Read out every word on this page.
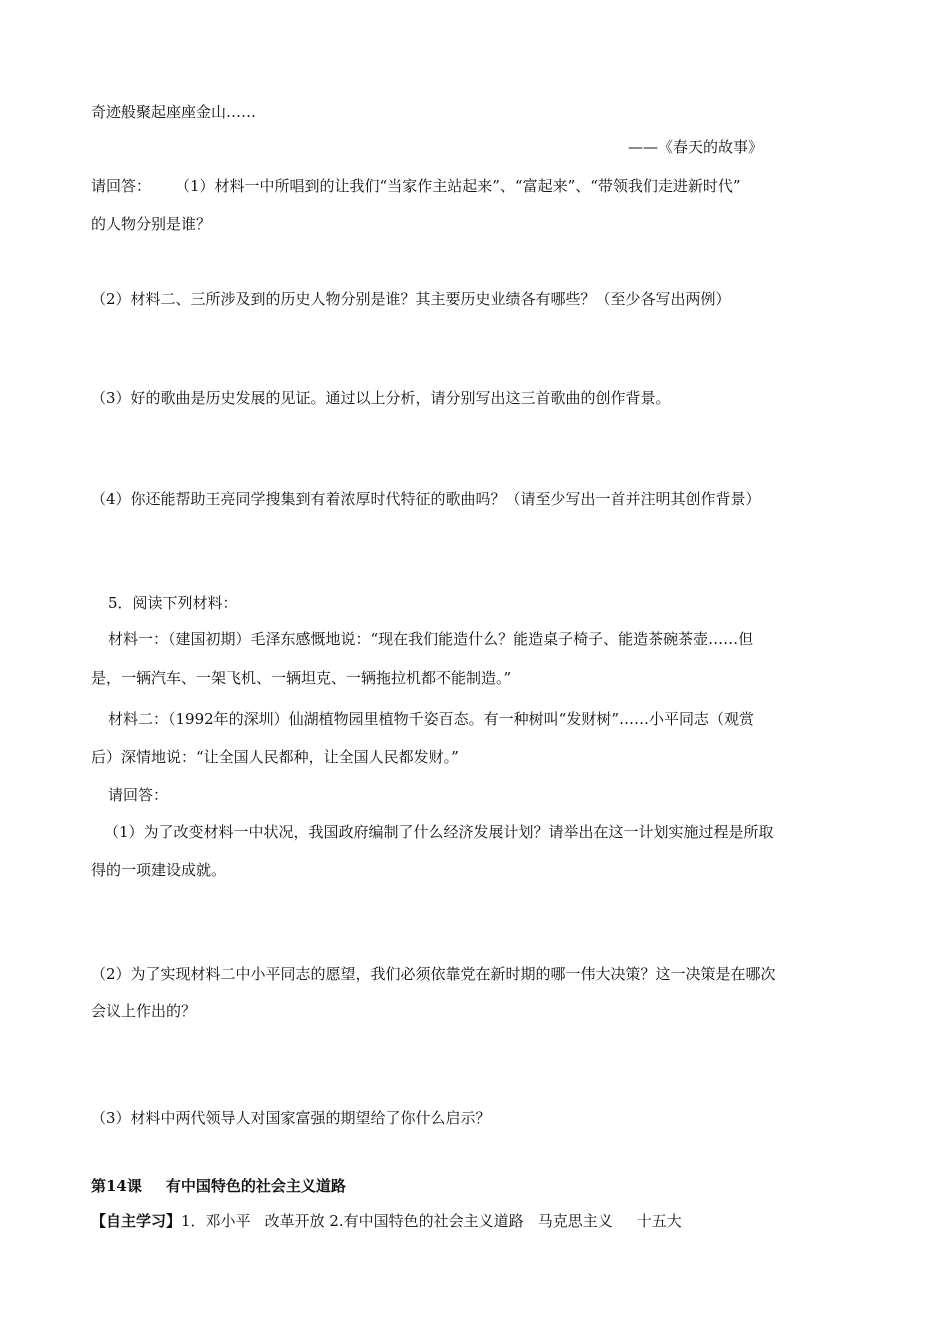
奇迹般聚起座座金山……
——《春天的故事》
请回答： （1）材料一中所唱到的让我们“当家作主站起来”、“富起来”、“带领我们走进新时代”
的人物分别是谁？
（2）材料二、三所涉及到的历史人物分别是谁？其主要历史业绩各有哪些？（至少各写出两例）
（3）好的歌曲是历史发展的见证。通过以上分析，请分别写出这三首歌曲的创作背景。
（4）你还能帮助王亮同学搜集到有着浓厚时代特征的歌曲吗？（请至少写出一首并注明其创作背景）
5．阅读下列材料：
材料一：（建国初期）毛泽东感慨地说：“现在我们能造什么？能造桌子椅子、能造茶碗茶壶……但
是，一辆汽车、一架飞机、一辆坦克、一辆拖拉机都不能制造。”
材料二：（1992年的深圳）仙湖植物园里植物千姿百态。有一种树叫“发财树”……小平同志（观赏
后）深情地说：“让全国人民都种，让全国人民都发财。”
请回答：
（1）为了改变材料一中状况，我国政府编制了什么经济发展计划？请举出在这一计划实施过程是所取
得的一项建设成就。
（2）为了实现材料二中小平同志的愿望，我们必须依靠党在新时期的哪一伟大决策？这一决策是在哪次
会议上作出的？
（3）材料中两代领导人对国家富强的期望给了你什么启示？
第14课 有中国特色的社会主义道路
【自主学习】1．邓小平 改革开放 2.有中国特色的社会主义道路 马克思主义 十五大
